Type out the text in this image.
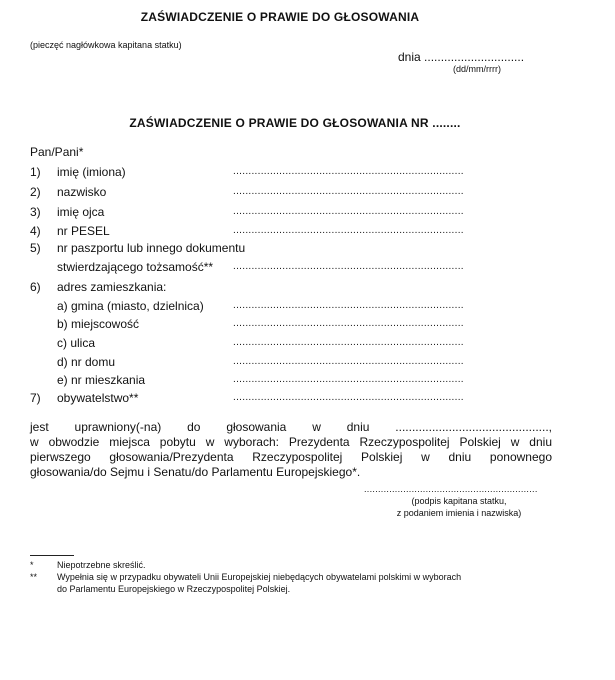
ZAŚWIADCZENIE O PRAWIE DO GŁOSOWANIA
(pieczęć nagłówkowa kapitana statku)
dnia ..............................
(dd/mm/rrrr)
ZAŚWIADCZENIE O PRAWIE DO GŁOSOWANIA NR ........
Pan/Pani*
1) imię (imiona)	...........................................................................
2) nazwisko	...........................................................................
3) imię ojca	...........................................................................
4) nr PESEL	...........................................................................
5) nr paszportu lub innego dokumentu
stwierdzającego tożsamość** ...........................................................................
6) adres zamieszkania:
a) gmina (miasto, dzielnica)	...........................................................................
b) miejscowość	...........................................................................
c) ulica	...........................................................................
d) nr domu	...........................................................................
e) nr mieszkania	...........................................................................
7) obywatelstwo**	...........................................................................
jest uprawniony(-na) do głosowania w dniu ..............................................,
w obwodzie miejsca pobytu w wyborach: Prezydenta Rzeczypospolitej Polskiej w dniu
pierwszego głosowania/Prezydenta Rzeczypospolitej Polskiej w dniu ponownego
głosowania/do Sejmu i Senatu/do Parlamentu Europejskiego*.
..............................................................
(podpis kapitana statku,
z podaniem imienia i nazwiska)
*	Niepotrzebne skreślić.
** Wypełnia się w przypadku obywateli Unii Europejskiej niebędących obywatelami polskimi w wyborach
do Parlamentu Europejskiego w Rzeczypospolitej Polskiej.
